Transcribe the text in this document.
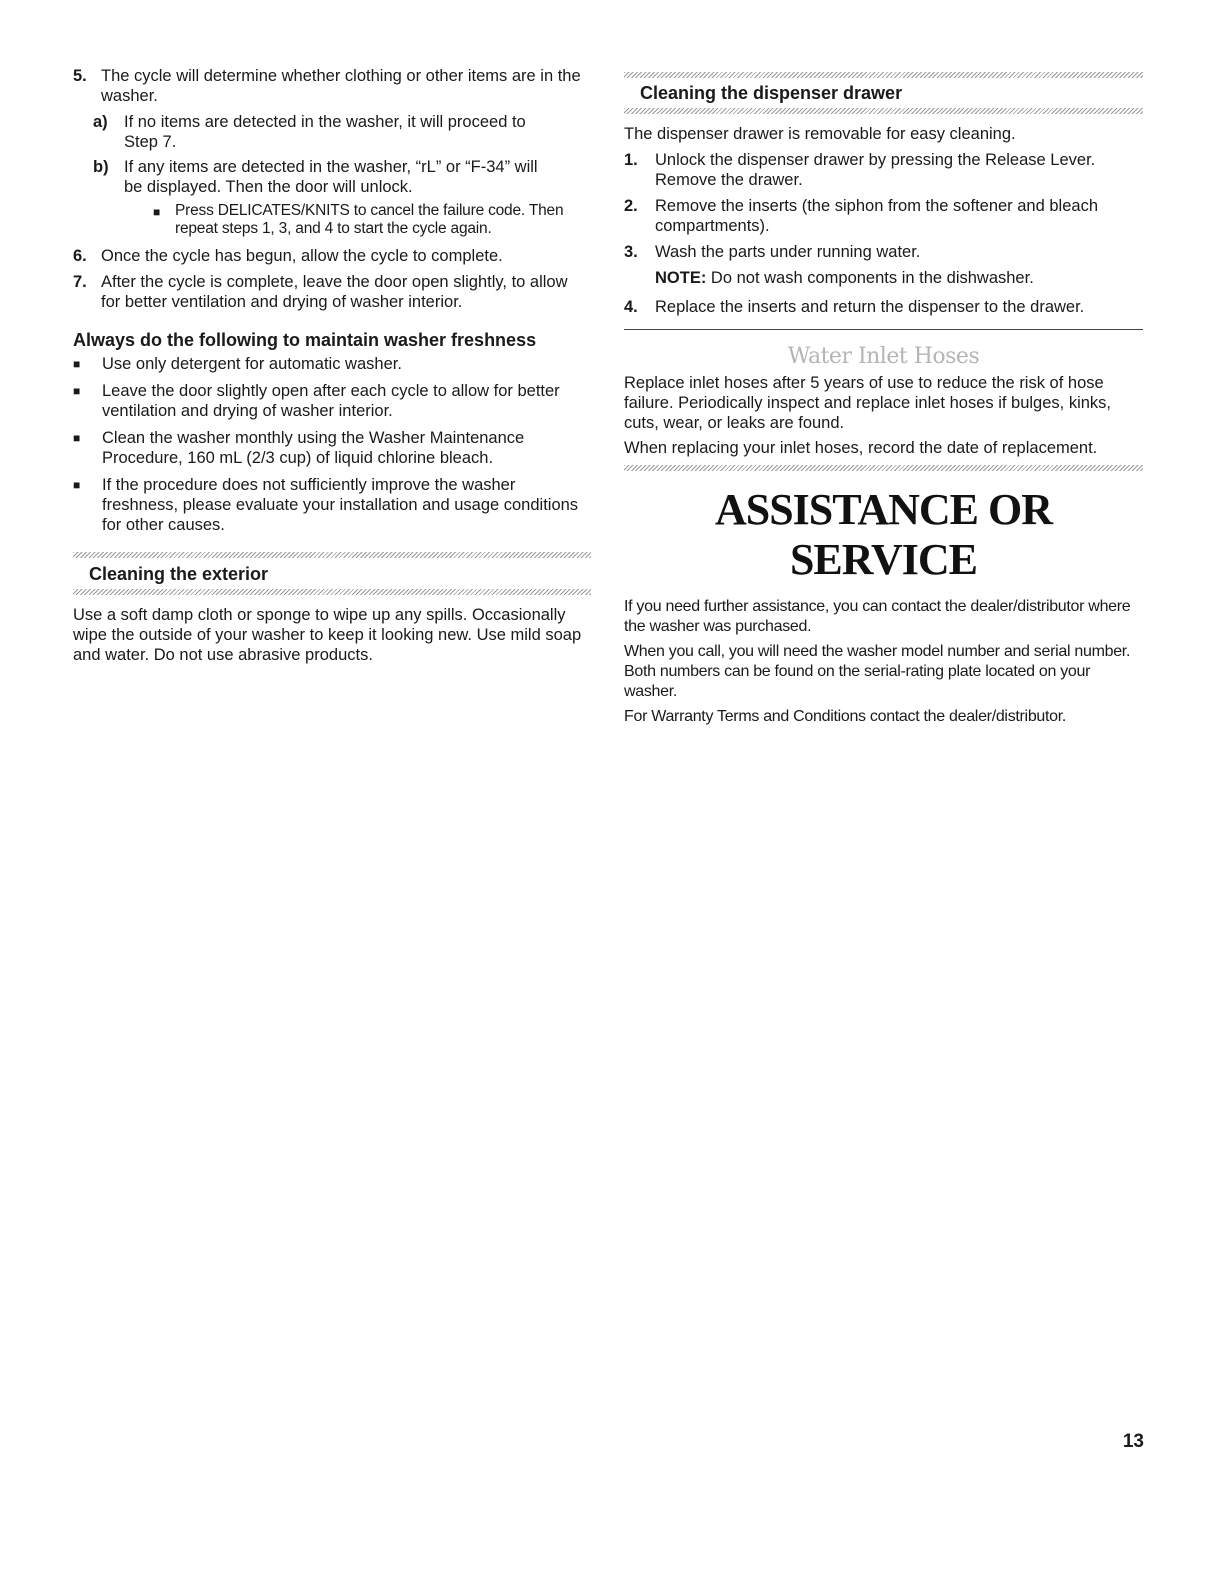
5. The cycle will determine whether clothing or other items are in the washer.

a) If no items are detected in the washer, it will proceed to Step 7.

b) If any items are detected in the washer, “rL” or “F-34” will be displayed. Then the door will unlock.

■ Press DELICATES/KNITS to cancel the failure code. Then repeat steps 1, 3, and 4 to start the cycle again.

6. Once the cycle has begun, allow the cycle to complete.

7. After the cycle is complete, leave the door open slightly, to allow for better ventilation and drying of washer interior.

Always do the following to maintain washer freshness
■	Use only detergent for automatic washer.

■	Leave the door slightly open after each cycle to allow for better ventilation and drying of washer interior.

■	Clean the washer monthly using the Washer Maintenance Procedure, 160 mL (2/3 cup) of liquid chlorine bleach.

■	If the procedure does not sufficiently improve the washer freshness, please evaluate your installation and usage conditions for other causes.

Cleaning the exterior

Use a soft damp cloth or sponge to wipe up any spills. Occasionally wipe the outside of your washer to keep it looking new. Use mild soap and water. Do not use abrasive products.

Cleaning the dispenser drawer

The dispenser drawer is removable for easy cleaning.

1.	Unlock the dispenser drawer by pressing the Release Lever. Remove the drawer.

2.	Remove the inserts (the siphon from the softener and bleach compartments).

3.	Wash the parts under running water.

NOTE: Do not wash components in the dishwasher.

4.	Replace the inserts and return the dispenser to the drawer.

Water Inlet Hoses

Replace inlet hoses after 5 years of use to reduce the risk of hose failure. Periodically inspect and replace inlet hoses if bulges, kinks, cuts, wear, or leaks are found.

When replacing your inlet hoses, record the date of replacement.

ASSISTANCE OR SERVICE

If you need further assistance, you can contact the dealer/distributor where the washer was purchased.

When you call, you will need the washer model number and serial number. Both numbers can be found on the serial-rating plate located on your washer.

For Warranty Terms and Conditions contact the dealer/distributor.

13
